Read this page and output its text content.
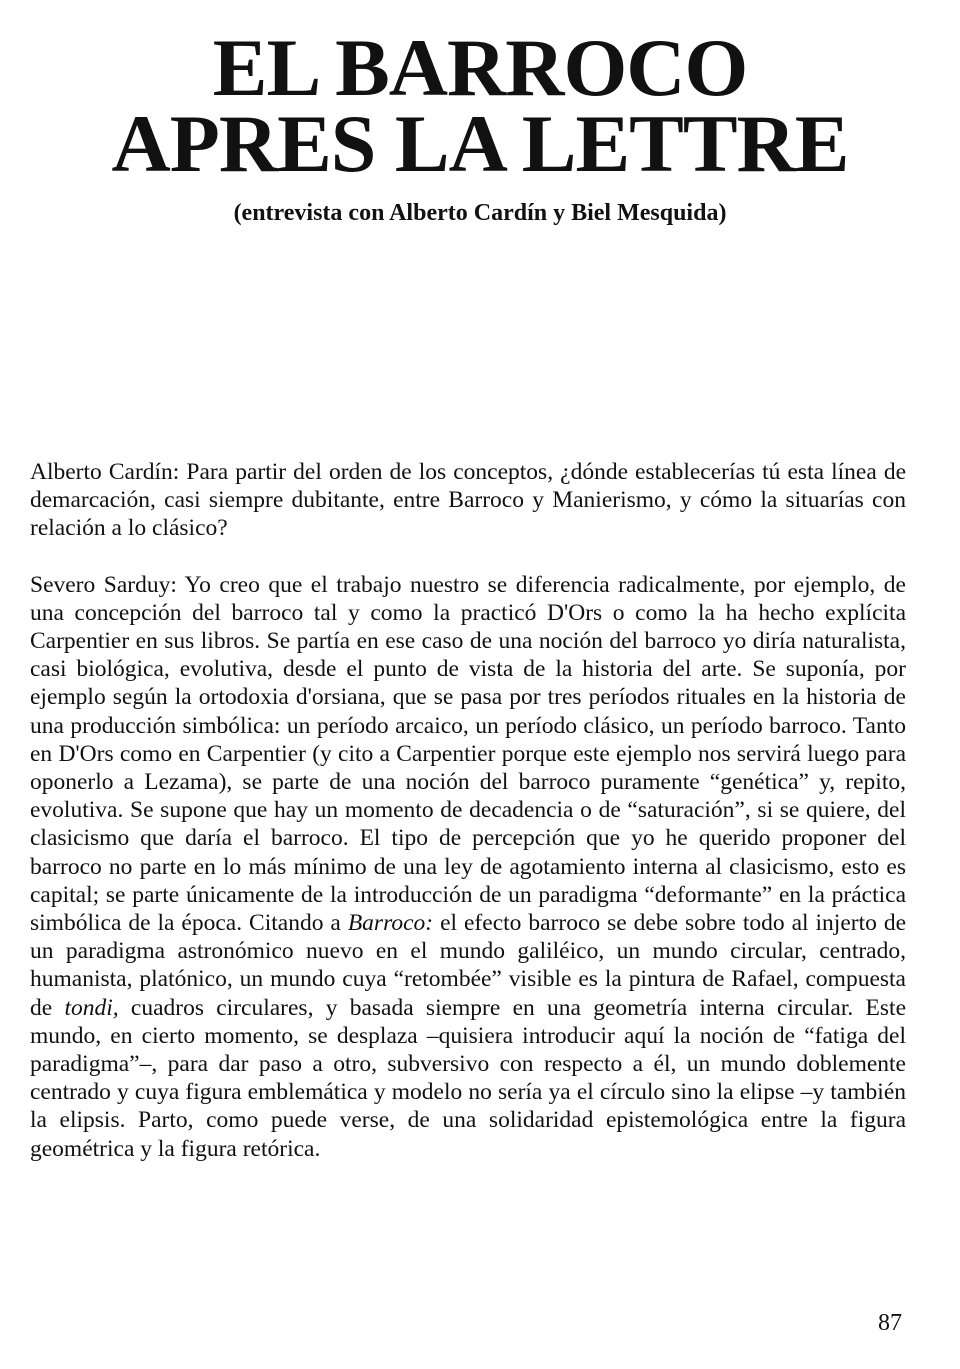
EL BARROCO
APRES LA LETTRE
(entrevista con Alberto Cardín y Biel Mesquida)

Alberto Cardín: Para partir del orden de los conceptos, ¿dónde establecerías tú esta línea de demarcación, casi siempre dubitante, entre Barroco y Manierismo, y cómo la situarías con relación a lo clásico?

Severo Sarduy: Yo creo que el trabajo nuestro se diferencia radicalmente, por ejemplo, de una concepción del barroco tal y como la practicó D'Ors o como la ha hecho explícita Carpentier en sus libros. Se partía en ese caso de una noción del barroco yo diría naturalista, casi biológica, evolutiva, desde el punto de vista de la historia del arte. Se suponía, por ejemplo según la ortodoxia d'orsiana, que se pasa por tres períodos rituales en la historia de una producción simbólica: un período arcaico, un período clásico, un período barroco. Tanto en D'Ors como en Carpentier (y cito a Carpentier porque este ejemplo nos servirá luego para oponerlo a Lezama), se parte de una noción del barroco puramente “genética” y, repito, evolutiva. Se supone que hay un momento de decadencia o de “saturación”, si se quiere, del clasicismo que daría el barroco. El tipo de percepción que yo he querido proponer del barroco no parte en lo más mínimo de una ley de agotamiento interna al clasicismo, esto es capital; se parte únicamente de la introducción de un paradigma “deformante” en la práctica simbólica de la época. Citando a Barroco: el efecto barroco se debe sobre todo al injerto de un paradigma astronómico nuevo en el mundo galiléico, un mundo circular, centrado, humanista, platónico, un mundo cuya “retombée” visible es la pintura de Rafael, compuesta de tondi, cuadros circulares, y basada siempre en una geometría interna circular. Este mundo, en cierto momento, se desplaza –quisiera introducir aquí la noción de “fatiga del paradigma”–, para dar paso a otro, subversivo con respecto a él, un mundo doblemente centrado y cuya figura emblemática y modelo no sería ya el círculo sino la elipse –y también la elipsis. Parto, como puede verse, de una solidaridad epistemológica entre la figura geométrica y la figura retórica.

87
